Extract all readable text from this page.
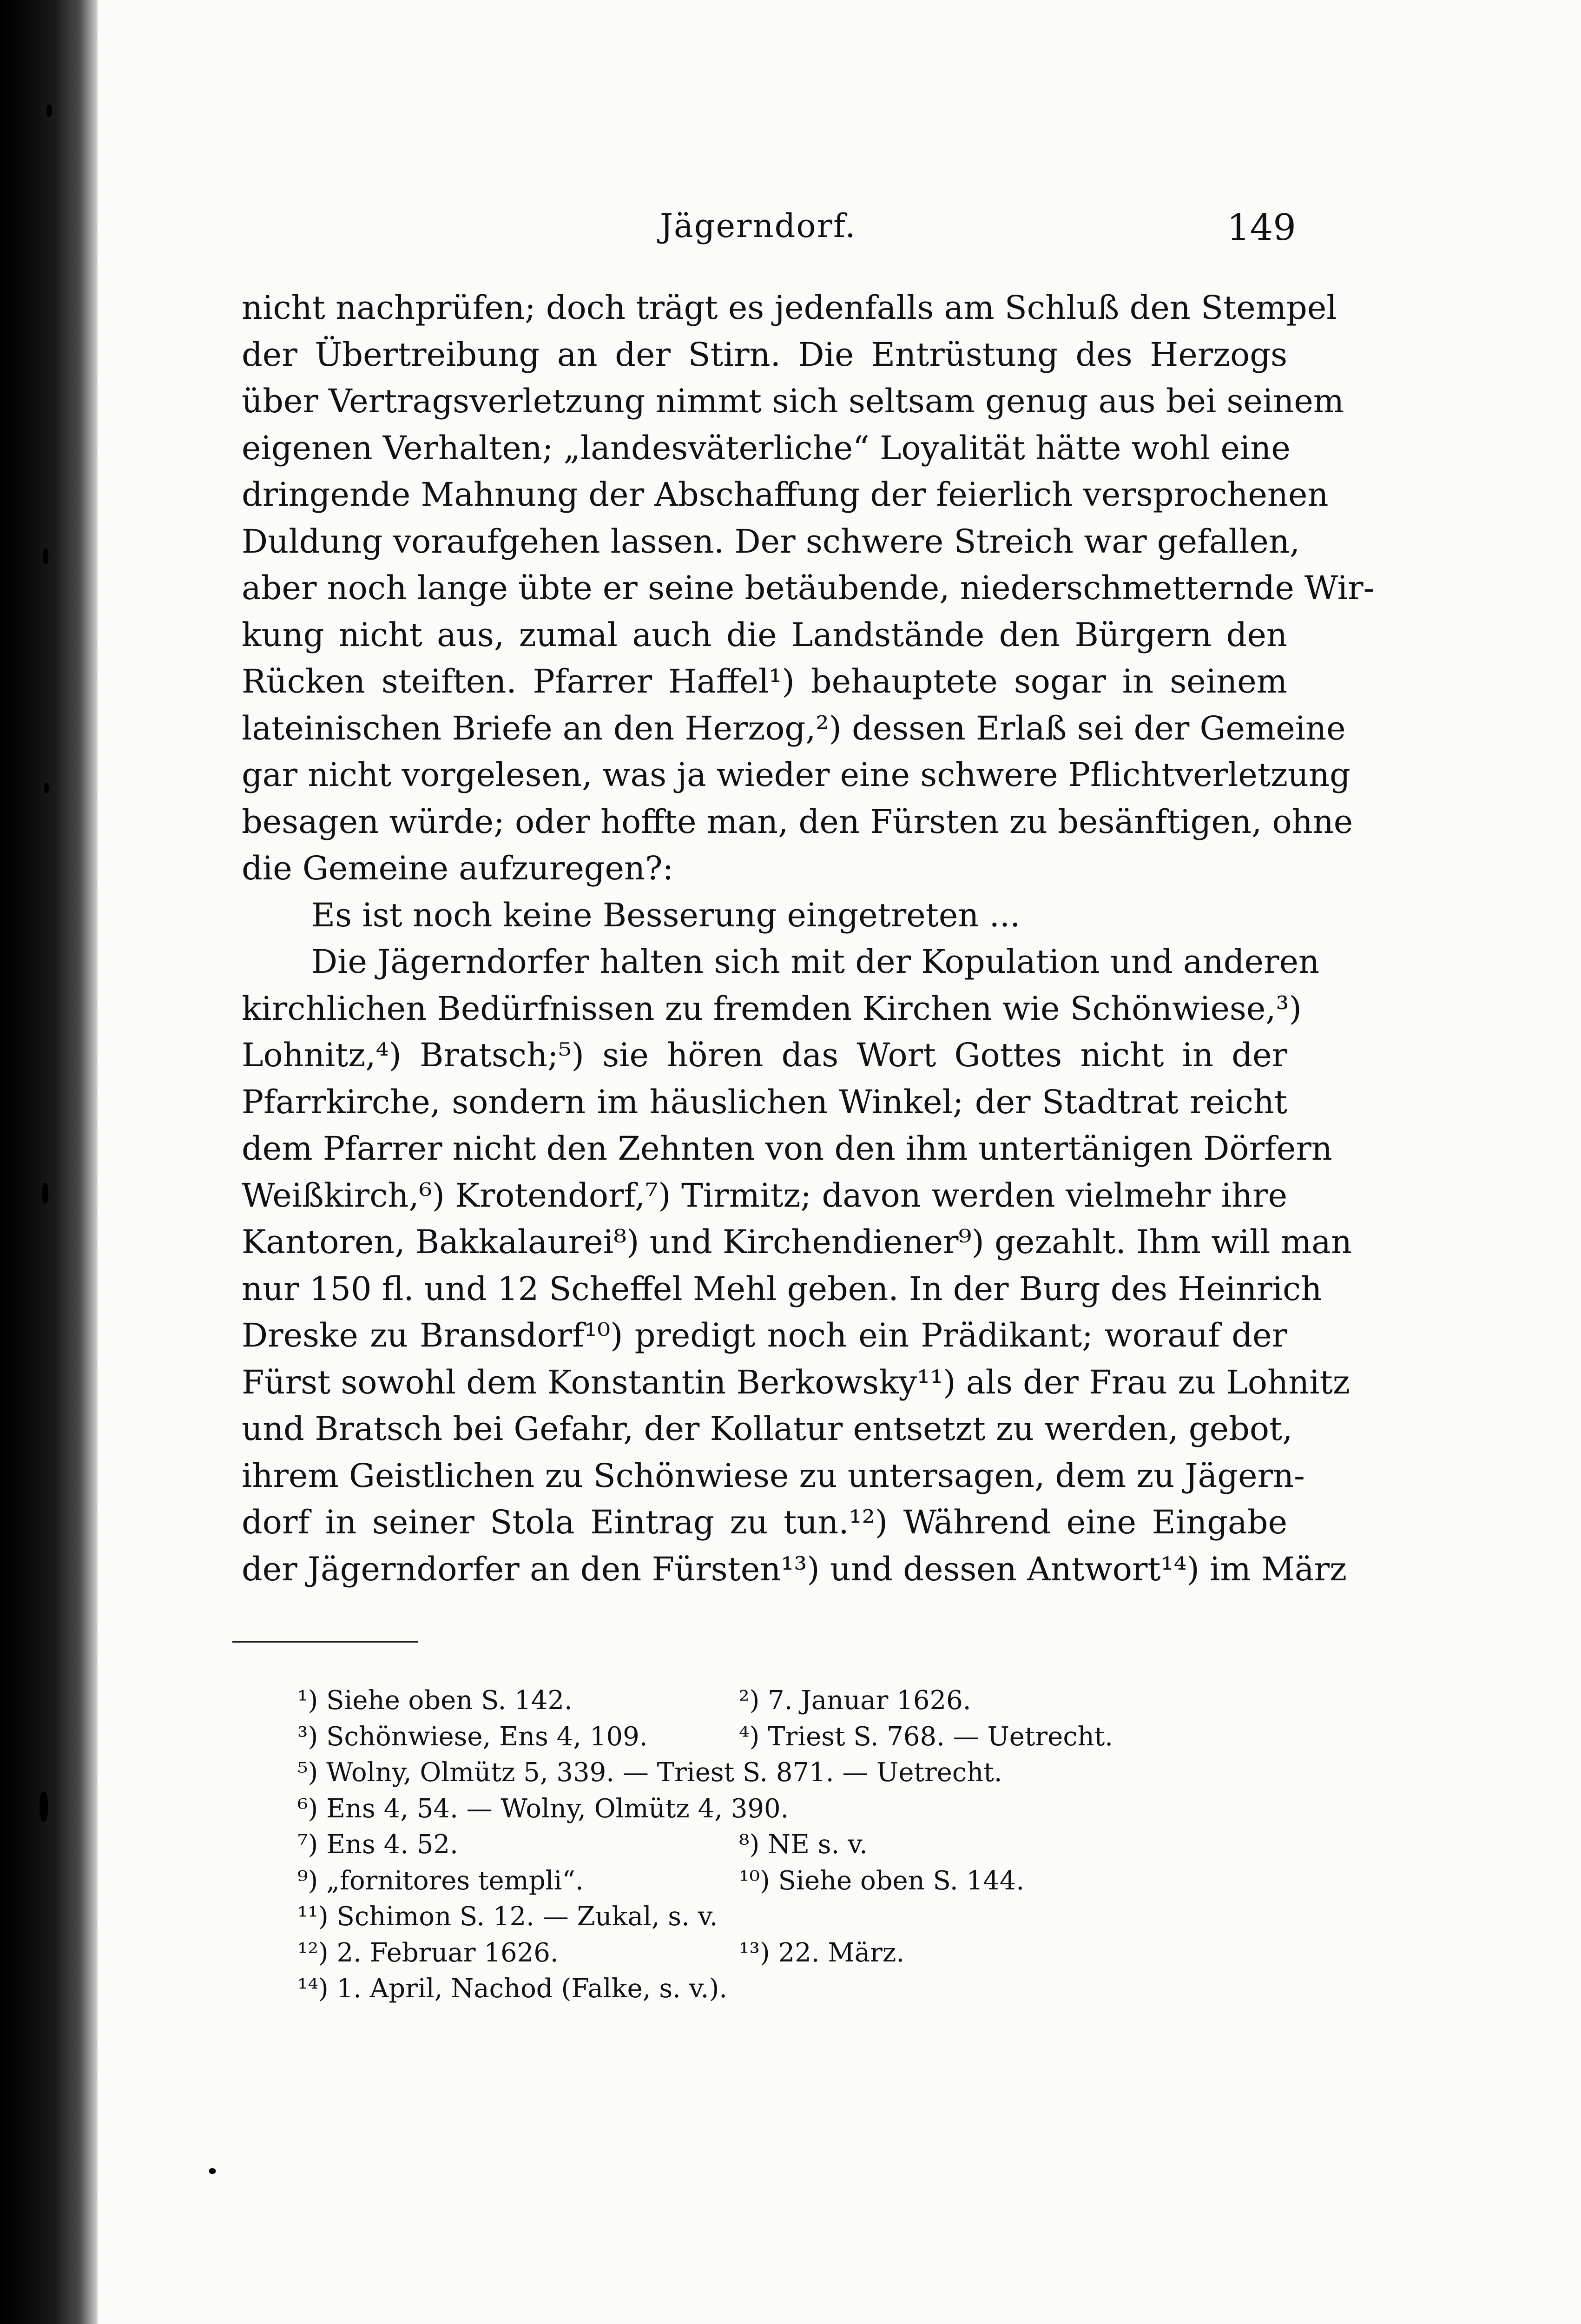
Jägerndorf.	149
nicht nachprüfen; doch trägt es jedenfalls am Schluß den Stempel
der Übertreibung an der Stirn. Die Entrüstung des Herzogs
über Vertragsverletzung nimmt sich seltsam genug aus bei seinem
eigenen Verhalten; „landesväterliche“ Loyalität hätte wohl eine
dringende Mahnung der Abschaffung der feierlich versprochenen
Duldung voraufgehen lassen. Der schwere Streich war gefallen,
aber noch lange übte er seine betäubende, niederschmetternde Wir-
kung nicht aus, zumal auch die Landstände den Bürgern den
Rücken steiften. Pfarrer Haffel¹) behauptete sogar in seinem
lateinischen Briefe an den Herzog,²) dessen Erlaß sei der Gemeine
gar nicht vorgelesen, was ja wieder eine schwere Pflichtverletzung
besagen würde; oder hoffte man, den Fürsten zu besänftigen, ohne
die Gemeine aufzuregen?:
Es ist noch keine Besserung eingetreten ...
Die Jägerndorfer halten sich mit der Kopulation und anderen
kirchlichen Bedürfnissen zu fremden Kirchen wie Schönwiese,³)
Lohnitz,⁴) Bratsch;⁵) sie hören das Wort Gottes nicht in der
Pfarrkirche, sondern im häuslichen Winkel; der Stadtrat reicht
dem Pfarrer nicht den Zehnten von den ihm untertänigen Dörfern
Weißkirch,⁶) Krotendorf,⁷) Tirmitz; davon werden vielmehr ihre
Kantoren, Bakkalaurei⁸) und Kirchendiener⁹) gezahlt. Ihm will man
nur 150 fl. und 12 Scheffel Mehl geben. In der Burg des Heinrich
Dreske zu Bransdorf¹⁰) predigt noch ein Prädikant; worauf der
Fürst sowohl dem Konstantin Berkowsky¹¹) als der Frau zu Lohnitz
und Bratsch bei Gefahr, der Kollatur entsetzt zu werden, gebot,
ihrem Geistlichen zu Schönwiese zu untersagen, dem zu Jägern-
dorf in seiner Stola Eintrag zu tun.¹²) Während eine Eingabe
der Jägerndorfer an den Fürsten¹³) und dessen Antwort¹⁴) im März
¹) Siehe oben S. 142.	²) 7. Januar 1626.
³) Schönwiese, Ens 4, 109.	⁴) Triest S. 768. — Uetrecht.
⁵) Wolny, Olmütz 5, 339. — Triest S. 871. — Uetrecht.
⁶) Ens 4, 54. — Wolny, Olmütz 4, 390.
⁷) Ens 4. 52.	⁸) NE s. v.
⁹) „fornitores templi“.	¹⁰) Siehe oben S. 144.
¹¹) Schimon S. 12. — Zukal, s. v.
¹²) 2. Februar 1626.	¹³) 22. März.
¹⁴) 1. April, Nachod (Falke, s. v.).
